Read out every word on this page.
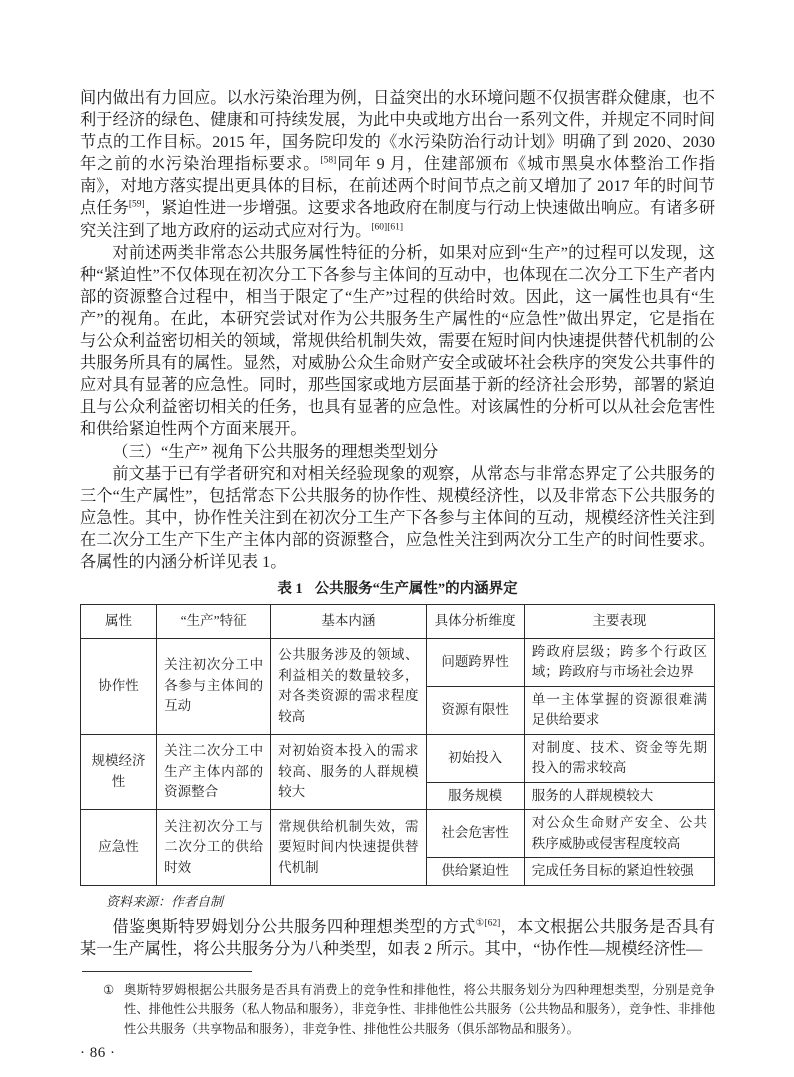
间内做出有力回应。以水污染治理为例，日益突出的水环境问题不仅损害群众健康，也不利于经济的绿色、健康和可持续发展，为此中央或地方出台一系列文件，并规定不同时间节点的工作目标。2015 年，国务院印发的《水污染防治行动计划》明确了到 2020、2030 年之前的水污染治理指标要求。[58]同年 9 月，住建部颁布《城市黑臭水体整治工作指南》，对地方落实提出更具体的目标，在前述两个时间节点之前又增加了 2017 年的时间节点任务[59]，紧迫性进一步增强。这要求各地政府在制度与行动上快速做出响应。有诸多研究关注到了地方政府的运动式应对行为。[60][61]

对前述两类非常态公共服务属性特征的分析，如果对应到“生产”的过程可以发现，这种“紧迫性”不仅体现在初次分工下各参与主体间的互动中，也体现在二次分工下生产者内部的资源整合过程中，相当于限定了“生产”过程的供给时效。因此，这一属性也具有“生产”的视角。在此，本研究尝试对作为公共服务生产属性的“应急性”做出界定，它是指在与公众利益密切相关的领域，常规供给机制失效，需要在短时间内快速提供替代机制的公共服务所具有的属性。显然，对威胁公众生命财产安全或破坏社会秩序的突发公共事件的应对具有显著的应急性。同时，那些国家或地方层面基于新的经济社会形势，部署的紧迫且与公众利益密切相关的任务，也具有显著的应急性。对该属性的分析可以从社会危害性和供给紧迫性两个方面来展开。

（三）“生产” 视角下公共服务的理想类型划分

前文基于已有学者研究和对相关经验现象的观察，从常态与非常态界定了公共服务的三个“生产属性”，包括常态下公共服务的协作性、规模经济性，以及非常态下公共服务的应急性。其中，协作性关注到在初次分工生产下各参与主体间的互动，规模经济性关注到在二次分工生产下生产主体内部的资源整合，应急性关注到两次分工生产的时间性要求。各属性的内涵分析详见表 1。

表 1 公共服务“生产属性”的内涵界定
属性	“生产”特征	基本内涵	具体分析维度	主要表现
协作性	关注初次分工中各参与主体间的互动	公共服务涉及的领域、利益相关的数量较多，对各类资源的需求程度较高	问题跨界性	跨政府层级；跨多个行政区域；跨政府与市场社会边界
			资源有限性	单一主体掌握的资源很难满足供给要求
规模经济性	关注二次分工中生产主体内部的资源整合	对初始资本投入的需求较高、服务的人群规模较大	初始投入	对制度、技术、资金等先期投入的需求较高
			服务规模	服务的人群规模较大
应急性	关注初次分工与二次分工的供给时效	常规供给机制失效，需要短时间内快速提供替代机制	社会危害性	对公众生命财产安全、公共秩序威胁或侵害程度较高
			供给紧迫性	完成任务目标的紧迫性较强
资料来源：作者自制

借鉴奥斯特罗姆划分公共服务四种理想类型的方式$^{①[62]}$，本文根据公共服务是否具有某一生产属性，将公共服务分为八种类型，如表 2 所示。其中，“协作性—规模经济性—

① 奥斯特罗姆根据公共服务是否具有消费上的竞争性和排他性，将公共服务划分为四种理想类型，分别是竞争性、排他性公共服务（私人物品和服务），非竞争性、非排他性公共服务（公共物品和服务），竞争性、非排他性公共服务（共享物品和服务），非竞争性、排他性公共服务（俱乐部物品和服务）。
· 86 ·
